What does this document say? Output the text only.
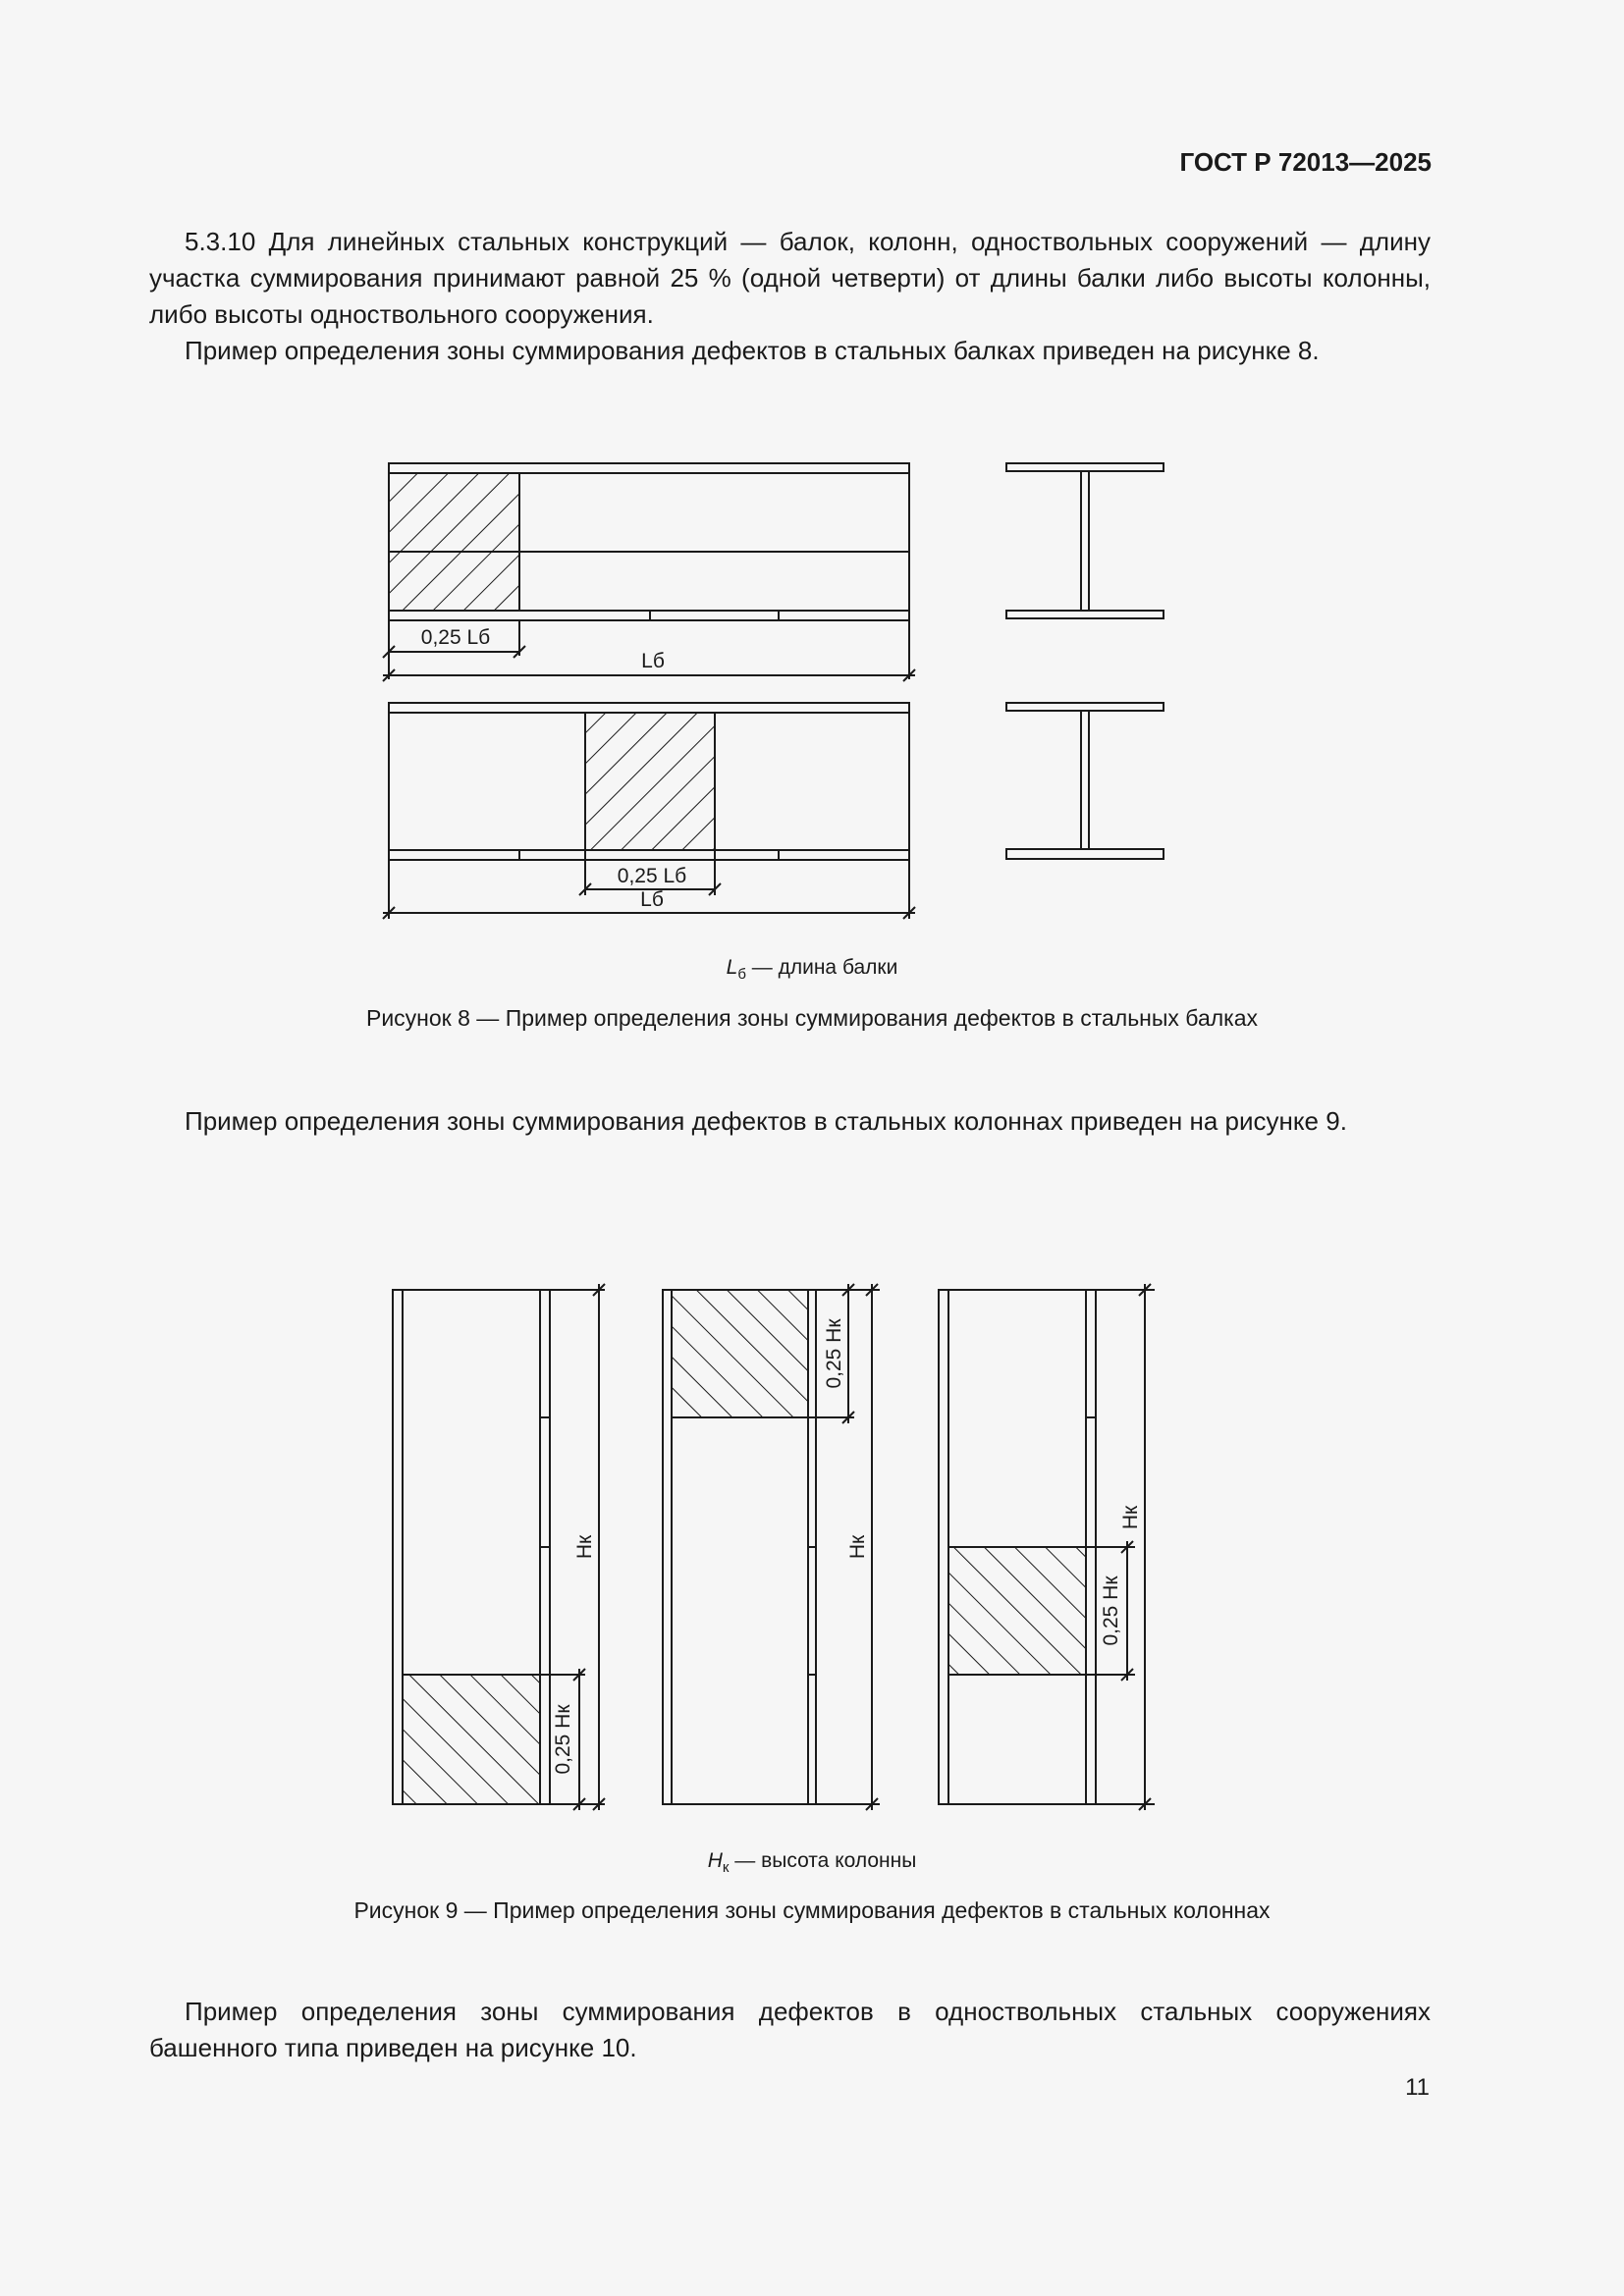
ГОСТ Р 72013—2025
5.3.10 Для линейных стальных конструкций — балок, колонн, одноствольных сооружений — длину участка суммирования принимают равной 25 % (одной четверти) от длины балки либо высоты колонны, либо высоты одноствольного сооружения.
Пример определения зоны суммирования дефектов в стальных балках приведен на рисунке 8.
0,25 Lб
Lб
0,25 Lб
Lб
$L_б$ — длина балки
Рисунок 8 — Пример определения зоны суммирования дефектов в стальных балках
Пример определения зоны суммирования дефектов в стальных колоннах приведен на рисунке 9.
Hк
0,25 Hк
Hк
0,25 Hк
Hк
0,25 Hк
$H_к$ — высота колонны
Рисунок 9 — Пример определения зоны суммирования дефектов в стальных колоннах
Пример определения зоны суммирования дефектов в одноствольных стальных сооружениях башенного типа приведен на рисунке 10.
11
